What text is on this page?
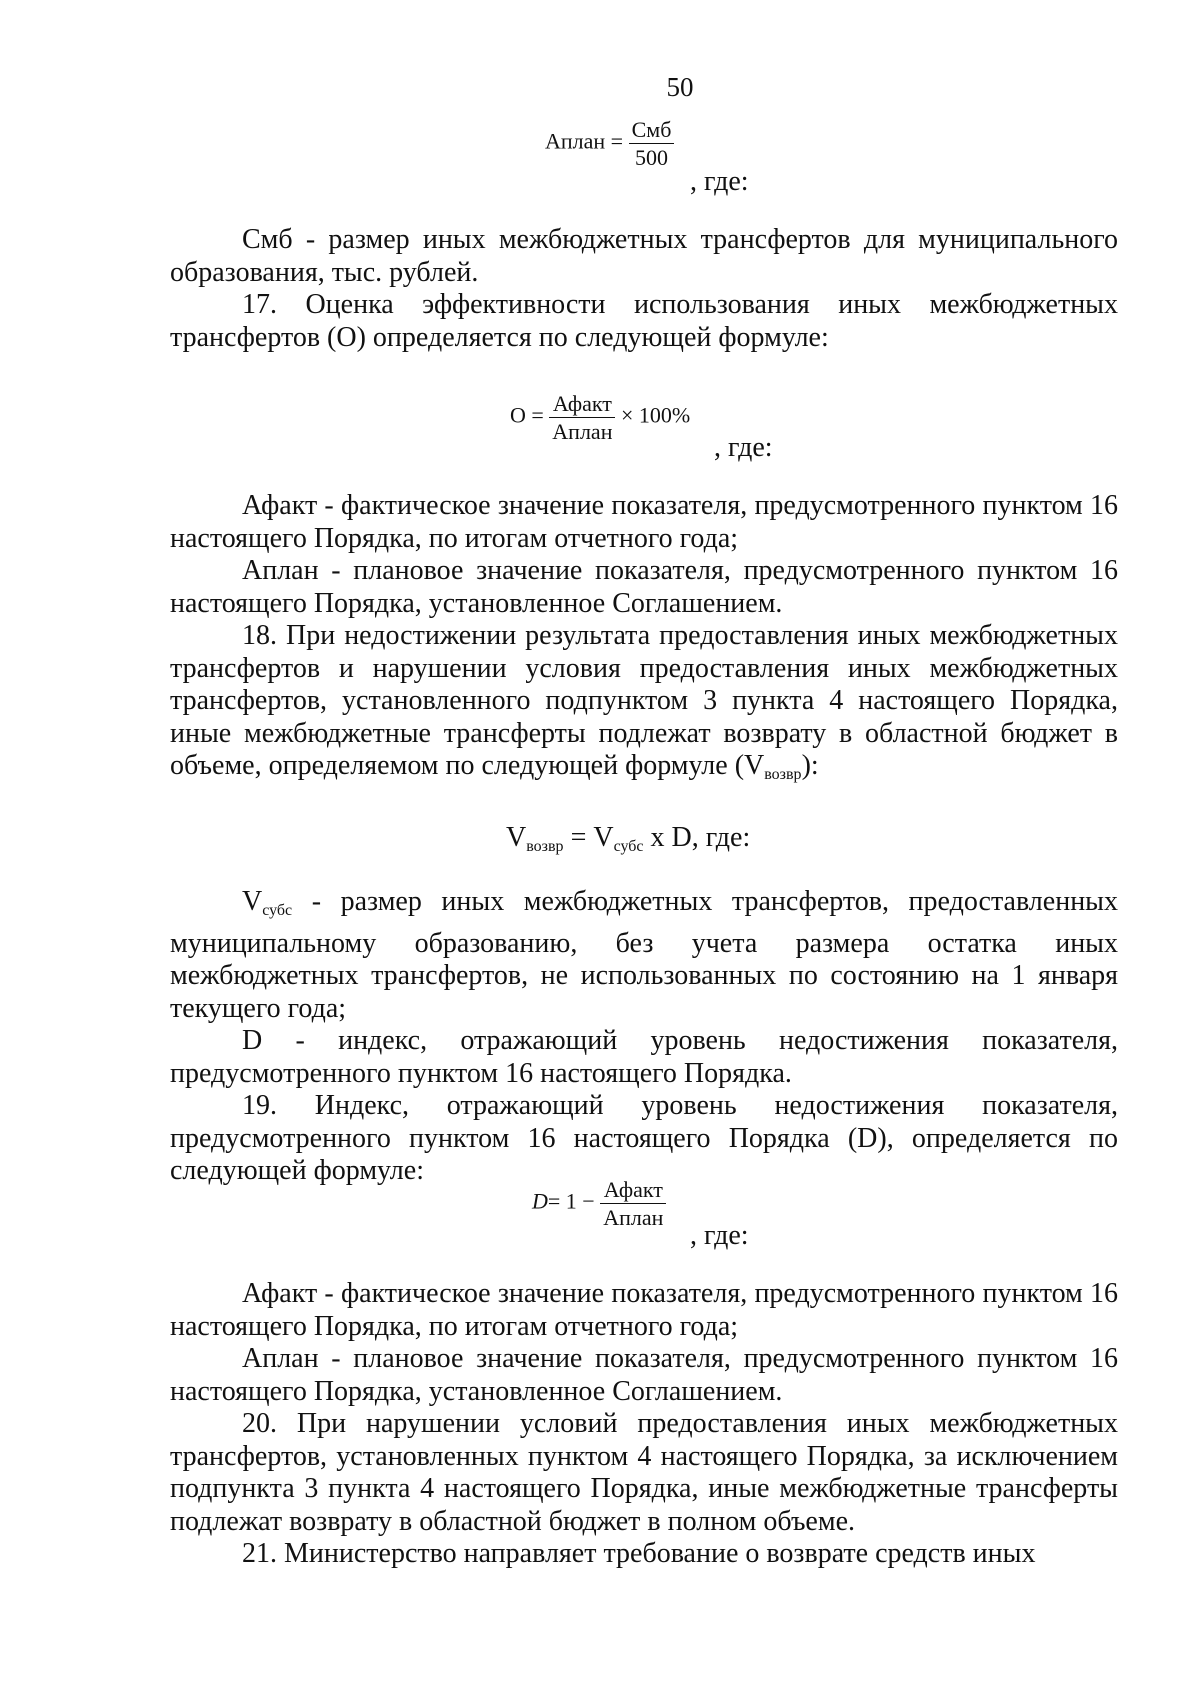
50
Аплан = $\frac{\text{Смб}}{500}$
, где:

Смб - размер иных межбюджетных трансфертов для муниципального образования, тыс. рублей.

17. Оценка эффективности использования иных межбюджетных трансфертов (О) определяется по следующей формуле:

$O = \frac{\text{Афакт}}{\text{Аплан}} \times 100\%$
, где:

Афакт - фактическое значение показателя, предусмотренного пунктом 16 настоящего Порядка, по итогам отчетного года;

Аплан - плановое значение показателя, предусмотренного пунктом 16 настоящего Порядка, установленное Соглашением.

18. При недостижении результата предоставления иных межбюджетных трансфертов и нарушении условия предоставления иных межбюджетных трансфертов, установленного подпунктом 3 пункта 4 настоящего Порядка, иные межбюджетные трансферты подлежат возврату в областной бюджет в объеме, определяемом по следующей формуле $(V_{возвр})$:

$V_{возвр} = V_{субс}$ x D, где:

$V_{субс}$ - размер иных межбюджетных трансфертов, предоставленных муниципальному образованию, без учета размера остатка иных межбюджетных трансфертов, не использованных по состоянию на 1 января текущего года;

D - индекс, отражающий уровень недостижения показателя, предусмотренного пунктом 16 настоящего Порядка.

19. Индекс, отражающий уровень недостижения показателя, предусмотренного пунктом 16 настоящего Порядка (D), определяется по следующей формуле:

$D= 1 - \frac{\text{Афакт}}{\text{Аплан}}$
, где:

Афакт - фактическое значение показателя, предусмотренного пунктом 16 настоящего Порядка, по итогам отчетного года;

Аплан - плановое значение показателя, предусмотренного пунктом 16 настоящего Порядка, установленное Соглашением.

20. При нарушении условий предоставления иных межбюджетных трансфертов, установленных пунктом 4 настоящего Порядка, за исключением подпункта 3 пункта 4 настоящего Порядка, иные межбюджетные трансферты подлежат возврату в областной бюджет в полном объеме.

21. Министерство направляет требование о возврате средств иных
